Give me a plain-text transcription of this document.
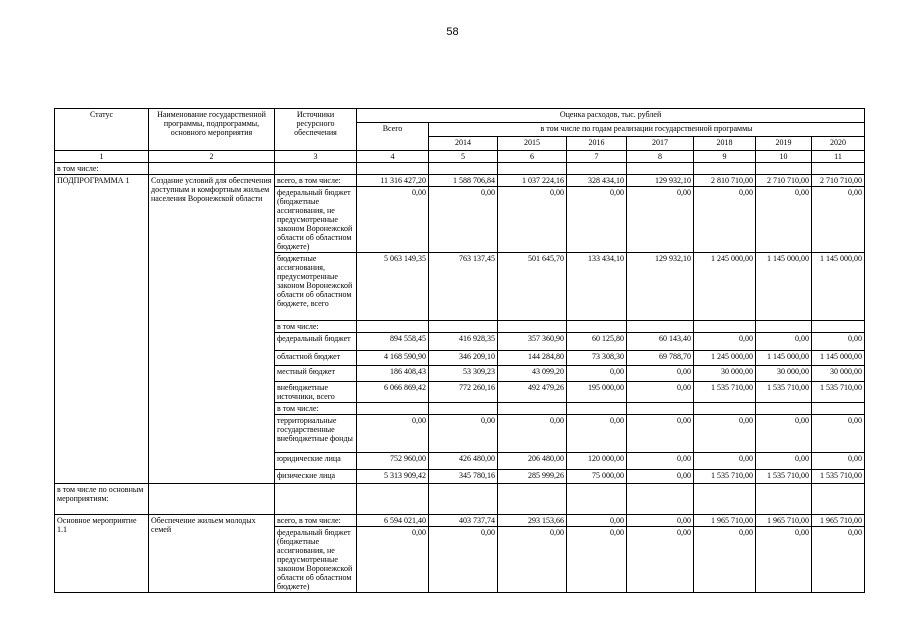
58
Статус	Наименование государственной программы, подпрограммы, основного мероприятия	Источники ресурсного обеспечения	Оценка расходов, тыс. рублей							
			Всего	в том числе по годам реализации государственной программы						
				2014	2015	2016	2017	2018	2019	2020
1	2	3	4	5	6	7	8	9	10	11
в том числе:										
ПОДПРОГРАММА 1	Создание условий для обеспечения доступным и комфортным жильем населения Воронежской области	всего, в том числе:	11 316 427,20	1 588 706,84	1 037 224,16	328 434,10	129 932,10	2 810 710,00	2 710 710,00	2 710 710,00
		федеральный бюджет (бюджетные ассигнования, не предусмотренные законом Воронежской области об областном бюджете)	0,00	0,00	0,00	0,00	0,00	0,00	0,00	0,00
		бюджетные ассигнования, предусмотренные законом Воронежской области об областном бюджете, всего	5 063 149,35	763 137,45	501 645,70	133 434,10	129 932,10	1 245 000,00	1 145 000,00	1 145 000,00
		в том числе:								
		федеральный бюджет	894 558,45	416 928,35	357 360,90	60 125,80	60 143,40	0,00	0,00	0,00
		областной бюджет	4 168 590,90	346 209,10	144 284,80	73 308,30	69 788,70	1 245 000,00	1 145 000,00	1 145 000,00
		местный бюджет	186 408,43	53 309,23	43 099,20	0,00	0,00	30 000,00	30 000,00	30 000,00
		внебюджетные источники, всего	6 066 869,42	772 260,16	492 479,26	195 000,00	0,00	1 535 710,00	1 535 710,00	1 535 710,00
		в том числе:								
		территориальные государственные внебюджетные фонды	0,00	0,00	0,00	0,00	0,00	0,00	0,00	0,00
		юридические лица	752 960,00	426 480,00	206 480,00	120 000,00	0,00	0,00	0,00	0,00
		физические лица	5 313 909,42	345 780,16	285 999,26	75 000,00	0,00	1 535 710,00	1 535 710,00	1 535 710,00
в том числе по основным мероприятиям:										
Основное мероприятие 1.1	Обеспечение жильем молодых семей	всего, в том числе:	6 594 021,40	403 737,74	293 153,66	0,00	0,00	1 965 710,00	1 965 710,00	1 965 710,00
		федеральный бюджет (бюджетные ассигнования, не предусмотренные законом Воронежской области об областном бюджете)	0,00	0,00	0,00	0,00	0,00	0,00	0,00	0,00
